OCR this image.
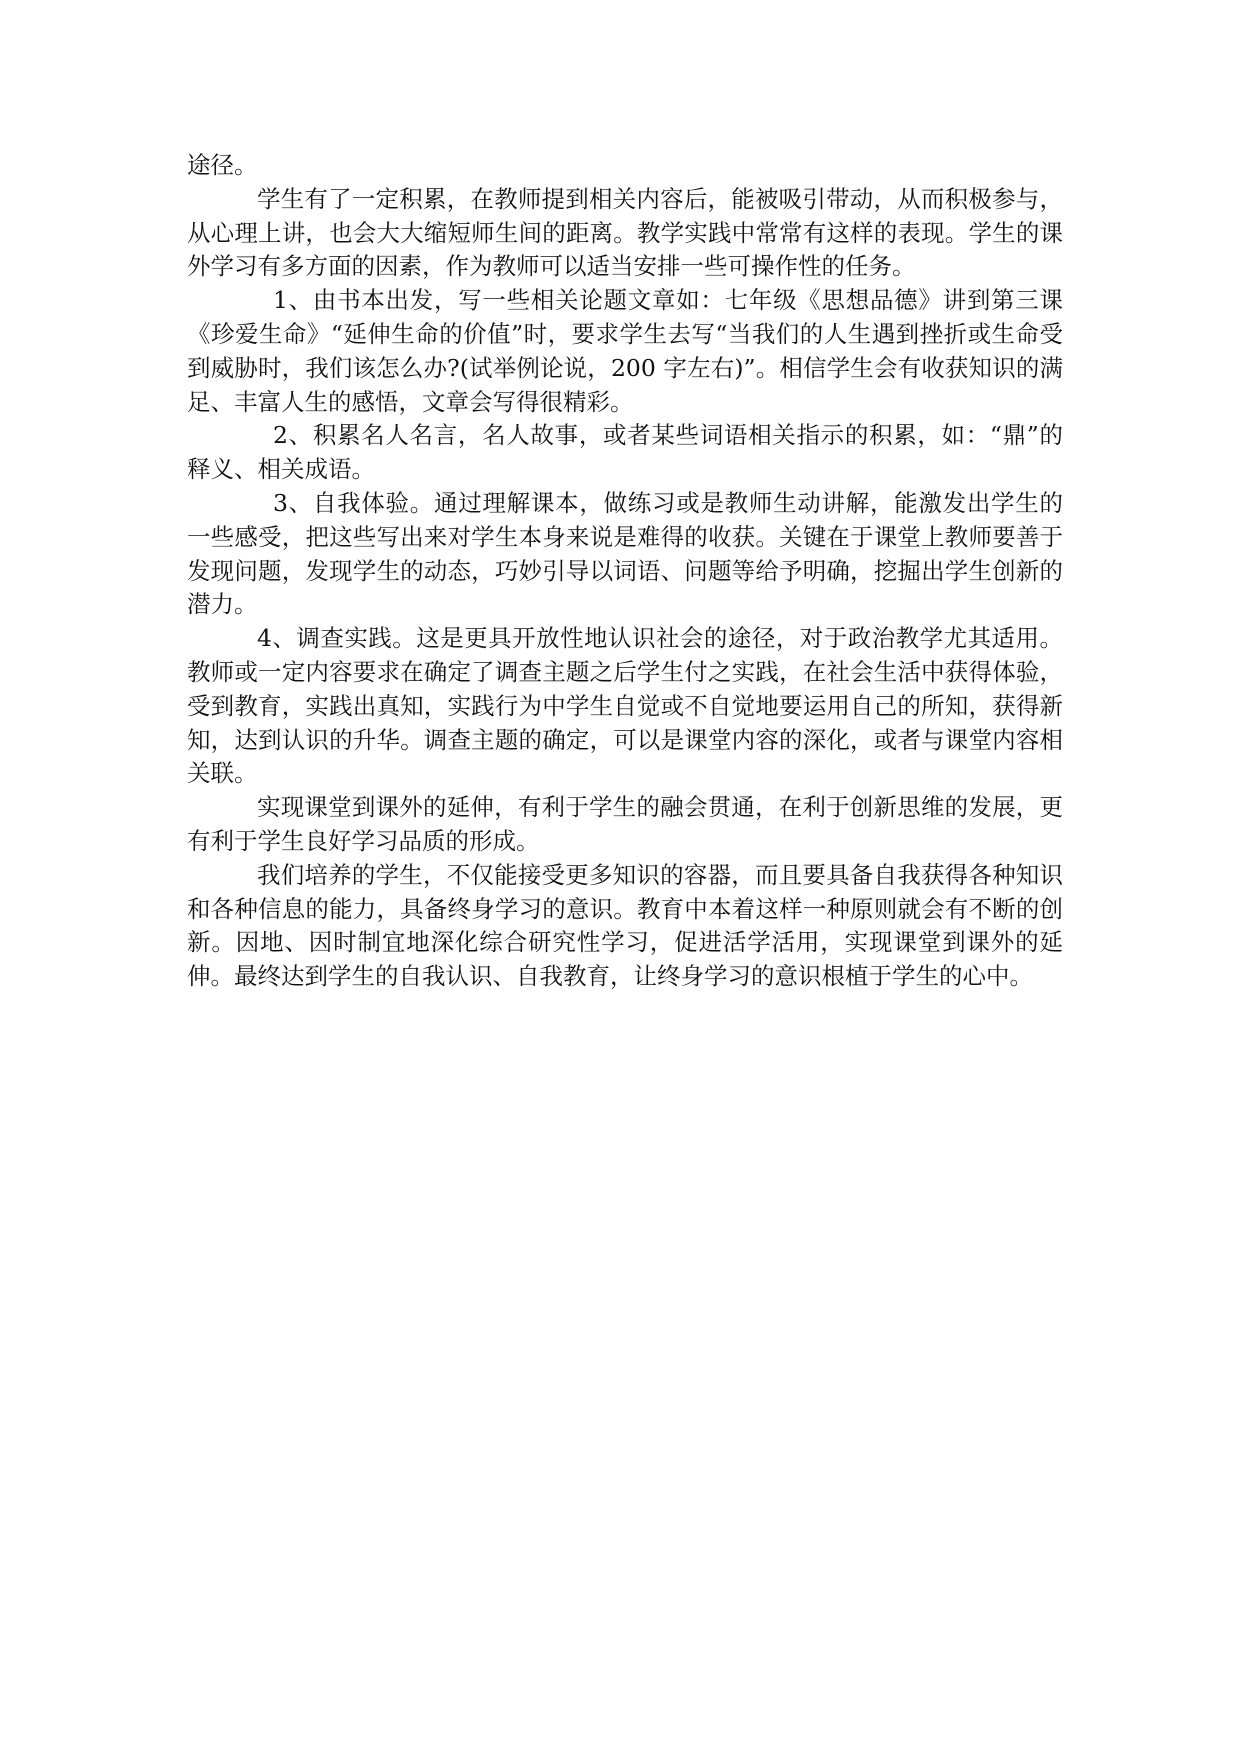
途径。

学生有了一定积累，在教师提到相关内容后，能被吸引带动，从而积极参与，从心理上讲，也会大大缩短师生间的距离。教学实践中常常有这样的表现。学生的课外学习有多方面的因素，作为教师可以适当安排一些可操作性的任务。

1、由书本出发，写一些相关论题文章如：七年级《思想品德》讲到第三课《珍爱生命》“延伸生命的价值”时，要求学生去写“当我们的人生遇到挫折或生命受到威胁时，我们该怎么办?(试举例论说，200 字左右)”。相信学生会有收获知识的满足、丰富人生的感悟，文章会写得很精彩。

2、积累名人名言，名人故事，或者某些词语相关指示的积累，如：“鼎”的释义、相关成语。

3、自我体验。通过理解课本，做练习或是教师生动讲解，能激发出学生的一些感受，把这些写出来对学生本身来说是难得的收获。关键在于课堂上教师要善于发现问题，发现学生的动态，巧妙引导以词语、问题等给予明确，挖掘出学生创新的潜力。

4、调查实践。这是更具开放性地认识社会的途径，对于政治教学尤其适用。教师或一定内容要求在确定了调查主题之后学生付之实践，在社会生活中获得体验，受到教育，实践出真知，实践行为中学生自觉或不自觉地要运用自己的所知，获得新知，达到认识的升华。调查主题的确定，可以是课堂内容的深化，或者与课堂内容相关联。

实现课堂到课外的延伸，有利于学生的融会贯通，在利于创新思维的发展，更有利于学生良好学习品质的形成。

我们培养的学生，不仅能接受更多知识的容器，而且要具备自我获得各种知识和各种信息的能力，具备终身学习的意识。教育中本着这样一种原则就会有不断的创新。因地、因时制宜地深化综合研究性学习，促进活学活用，实现课堂到课外的延伸。最终达到学生的自我认识、自我教育，让终身学习的意识根植于学生的心中。
